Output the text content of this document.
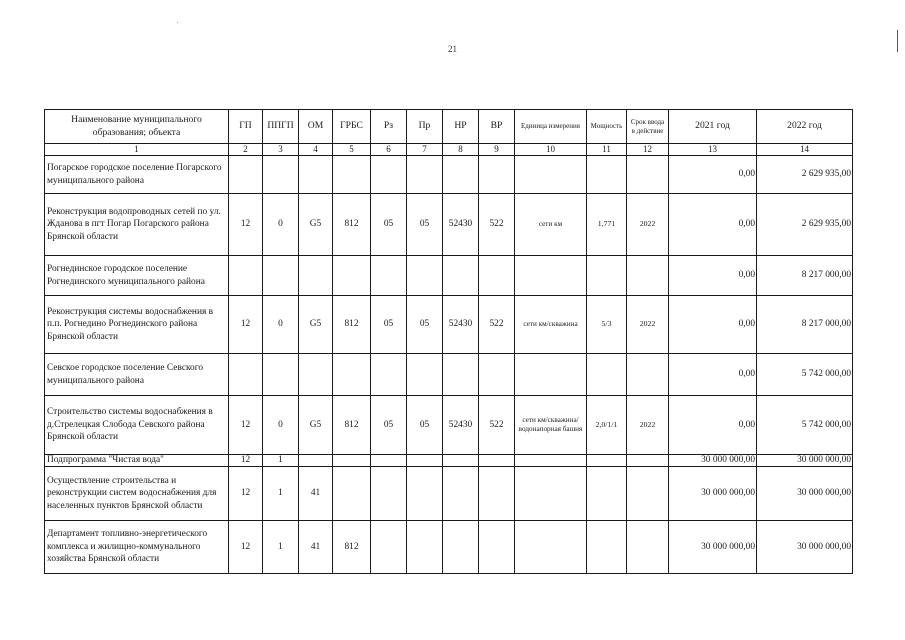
21
Наименование муниципального образования; объекта	ГП	ППГП	ОМ	ГРБС	Рз	Пр	НР	ВР	Единица измерения	Мощность	Срок ввода в действие	2021 год	2022 год
1	2	3	4	5	6	7	8	9	10	11	12	13	14
Погарское городское поселение Погарского муниципального района												0,00	2 629 935,00
Реконструкция водопроводных сетей по ул. Жданова в пгт Погар Погарского района Брянской области	12	0	G5	812	05	05	52430	522	сети км	1,771	2022	0,00	2 629 935,00
Рогнединское городское поселение Рогнединского муниципального района												0,00	8 217 000,00
Реконструкция системы водоснабжения в п.п. Рогнедино Рогнединского района Брянской области	12	0	G5	812	05	05	52430	522	сети км/скважина	5/3	2022	0,00	8 217 000,00
Севское городское поселение Севского муниципального района												0,00	5 742 000,00
Строительство системы водоснабжения в д.Стрелецкая Слобода Севского района Брянской области	12	0	G5	812	05	05	52430	522	сети км/скважина/водонапорная башня	2,0/1/1	2022	0,00	5 742 000,00
Подпрограмма "Чистая вода"	12	1										30 000 000,00	30 000 000,00
Осуществление строительства и реконструкции систем водоснабжения для населенных пунктов Брянской области	12	1	41									30 000 000,00	30 000 000,00
Департамент топливно-энергетического комплекса и жилищно-коммунального хозяйства Брянской области	12	1	41	812								30 000 000,00	30 000 000,00
